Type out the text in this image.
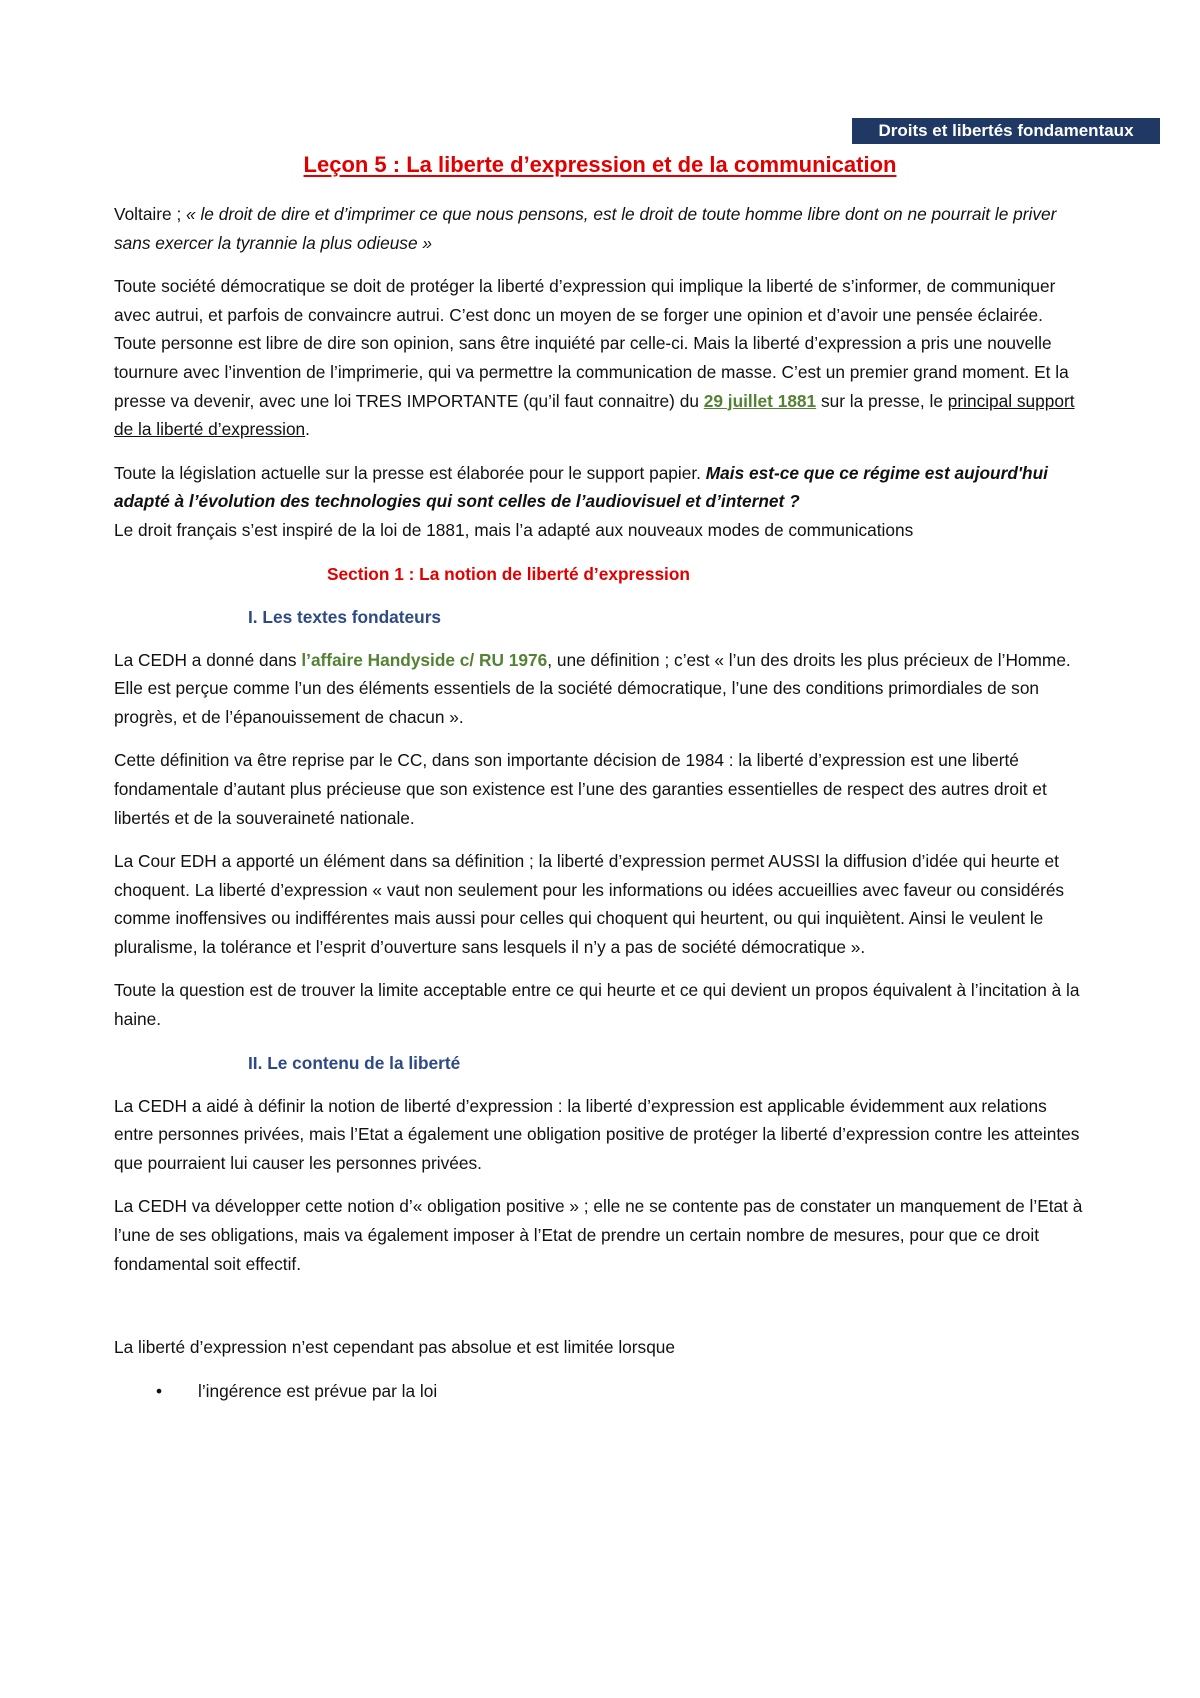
Droits et libertés fondamentaux
Leçon 5 : La liberte d’expression et de la communication

Voltaire ; « le droit de dire et d’imprimer ce que nous pensons, est le droit de toute homme libre dont on ne pourrait le priver sans exercer la tyrannie la plus odieuse »

Toute société démocratique se doit de protéger la liberté d’expression qui implique la liberté de s’informer, de communiquer avec autrui, et parfois de convaincre autrui. C’est donc un moyen de se forger une opinion et d’avoir une pensée éclairée. Toute personne est libre de dire son opinion, sans être inquiété par celle-ci. Mais la liberté d’expression a pris une nouvelle tournure avec l’invention de l’imprimerie, qui va permettre la communication de masse. C’est un premier grand moment. Et la presse va devenir, avec une loi TRES IMPORTANTE (qu’il faut connaitre) du 29 juillet 1881 sur la presse, le principal support de la liberté d’expression.

Toute la législation actuelle sur la presse est élaborée pour le support papier. Mais est-ce que ce régime est aujourd'hui adapté à l’évolution des technologies qui sont celles de l’audiovisuel et d’internet ?
Le droit français s’est inspiré de la loi de 1881, mais l’a adapté aux nouveaux modes de communications

Section 1 : La notion de liberté d’expression
I. Les textes fondateurs

La CEDH a donné dans l’affaire Handyside c/ RU 1976, une définition ; c’est « l’un des droits les plus précieux de l’Homme. Elle est perçue comme l’un des éléments essentiels de la société démocratique, l’une des conditions primordiales de son progrès, et de l’épanouissement de chacun ».

Cette définition va être reprise par le CC, dans son importante décision de 1984 : la liberté d’expression est une liberté fondamentale d’autant plus précieuse que son existence est l’une des garanties essentielles de respect des autres droit et libertés et de la souveraineté nationale.

La Cour EDH a apporté un élément dans sa définition ; la liberté d’expression permet AUSSI la diffusion d’idée qui heurte et choquent. La liberté d’expression « vaut non seulement pour les informations ou idées accueillies avec faveur ou considérés comme inoffensives ou indifférentes mais aussi pour celles qui choquent qui heurtent, ou qui inquiètent. Ainsi le veulent le pluralisme, la tolérance et l’esprit d’ouverture sans lesquels il n’y a pas de société démocratique ».

Toute la question est de trouver la limite acceptable entre ce qui heurte et ce qui devient un propos équivalent à l’incitation à la haine.

II. Le contenu de la liberté

La CEDH a aidé à définir la notion de liberté d’expression : la liberté d’expression est applicable évidemment aux relations entre personnes privées, mais l’Etat a également une obligation positive de protéger la liberté d’expression contre les atteintes que pourraient lui causer les personnes privées.

La CEDH va développer cette notion d’« obligation positive » ; elle ne se contente pas de constater un manquement de l’Etat à l’une de ses obligations, mais va également imposer à l’Etat de prendre un certain nombre de mesures, pour que ce droit fondamental soit effectif.

La liberté d’expression n’est cependant pas absolue et est limitée lorsque

• l’ingérence est prévue par la loi
